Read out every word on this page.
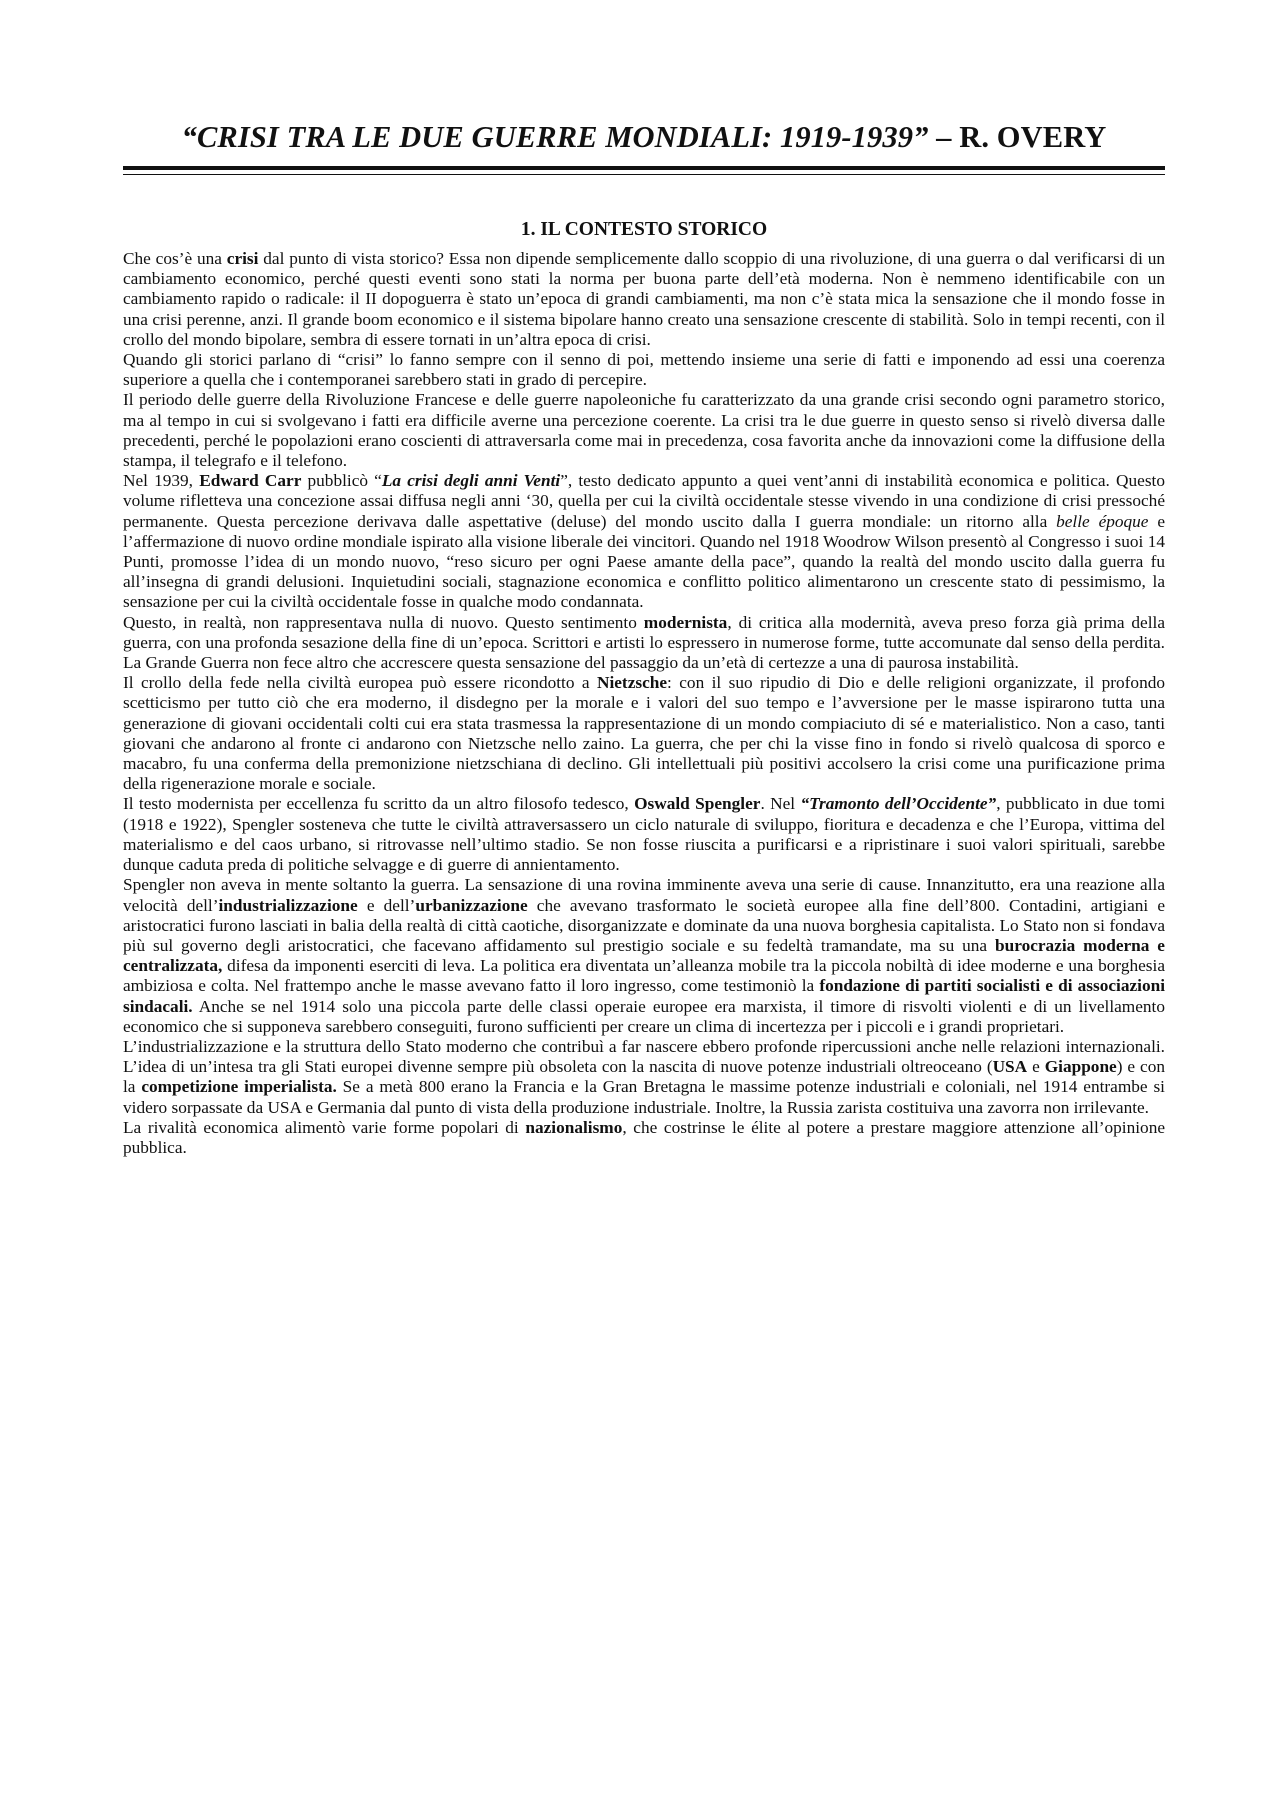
“CRISI TRA LE DUE GUERRE MONDIALI: 1919-1939” – R. OVERY
1. IL CONTESTO STORICO

Che cos’è una crisi dal punto di vista storico? Essa non dipende semplicemente dallo scoppio di una rivoluzione, di una guerra o dal verificarsi di un cambiamento economico, perché questi eventi sono stati la norma per buona parte dell’età moderna. Non è nemmeno identificabile con un cambiamento rapido o radicale: il II dopoguerra è stato un’epoca di grandi cambiamenti, ma non c’è stata mica la sensazione che il mondo fosse in una crisi perenne, anzi. Il grande boom economico e il sistema bipolare hanno creato una sensazione crescente di stabilità. Solo in tempi recenti, con il crollo del mondo bipolare, sembra di essere tornati in un’altra epoca di crisi.

Quando gli storici parlano di “crisi” lo fanno sempre con il senno di poi, mettendo insieme una serie di fatti e imponendo ad essi una coerenza superiore a quella che i contemporanei sarebbero stati in grado di percepire.

Il periodo delle guerre della Rivoluzione Francese e delle guerre napoleoniche fu caratterizzato da una grande crisi secondo ogni parametro storico, ma al tempo in cui si svolgevano i fatti era difficile averne una percezione coerente. La crisi tra le due guerre in questo senso si rivelò diversa dalle precedenti, perché le popolazioni erano coscienti di attraversarla come mai in precedenza, cosa favorita anche da innovazioni come la diffusione della stampa, il telegrafo e il telefono.

Nel 1939, Edward Carr pubblicò “La crisi degli anni Venti”, testo dedicato appunto a quei vent’anni di instabilità economica e politica. Questo volume rifletteva una concezione assai diffusa negli anni ‘30, quella per cui la civiltà occidentale stesse vivendo in una condizione di crisi pressoché permanente. Questa percezione derivava dalle aspettative (deluse) del mondo uscito dalla I guerra mondiale: un ritorno alla belle époque e l’affermazione di nuovo ordine mondiale ispirato alla visione liberale dei vincitori. Quando nel 1918 Woodrow Wilson presentò al Congresso i suoi 14 Punti, promosse l’idea di un mondo nuovo, “reso sicuro per ogni Paese amante della pace”, quando la realtà del mondo uscito dalla guerra fu all’insegna di grandi delusioni. Inquietudini sociali, stagnazione economica e conflitto politico alimentarono un crescente stato di pessimismo, la sensazione per cui la civiltà occidentale fosse in qualche modo condannata.

Questo, in realtà, non rappresentava nulla di nuovo. Questo sentimento modernista, di critica alla modernità, aveva preso forza già prima della guerra, con una profonda sesazione della fine di un’epoca. Scrittori e artisti lo espressero in numerose forme, tutte accomunate dal senso della perdita. La Grande Guerra non fece altro che accrescere questa sensazione del passaggio da un’età di certezze a una di paurosa instabilità.

Il crollo della fede nella civiltà europea può essere ricondotto a Nietzsche: con il suo ripudio di Dio e delle religioni organizzate, il profondo scetticismo per tutto ciò che era moderno, il disdegno per la morale e i valori del suo tempo e l’avversione per le masse ispirarono tutta una generazione di giovani occidentali colti cui era stata trasmessa la rappresentazione di un mondo compiaciuto di sé e materialistico. Non a caso, tanti giovani che andarono al fronte ci andarono con Nietzsche nello zaino. La guerra, che per chi la visse fino in fondo si rivelò qualcosa di sporco e macabro, fu una conferma della premonizione nietzschiana di declino. Gli intellettuali più positivi accolsero la crisi come una purificazione prima della rigenerazione morale e sociale.

Il testo modernista per eccellenza fu scritto da un altro filosofo tedesco, Oswald Spengler. Nel “Tramonto dell’Occidente”, pubblicato in due tomi (1918 e 1922), Spengler sosteneva che tutte le civiltà attraversassero un ciclo naturale di sviluppo, fioritura e decadenza e che l’Europa, vittima del materialismo e del caos urbano, si ritrovasse nell’ultimo stadio. Se non fosse riuscita a purificarsi e a ripristinare i suoi valori spirituali, sarebbe dunque caduta preda di politiche selvagge e di guerre di annientamento.

Spengler non aveva in mente soltanto la guerra. La sensazione di una rovina imminente aveva una serie di cause. Innanzitutto, era una reazione alla velocità dell’industrializzazione e dell’urbanizzazione che avevano trasformato le società europee alla fine dell’800. Contadini, artigiani e aristocratici furono lasciati in balia della realtà di città caotiche, disorganizzate e dominate da una nuova borghesia capitalista. Lo Stato non si fondava più sul governo degli aristocratici, che facevano affidamento sul prestigio sociale e su fedeltà tramandate, ma su una burocrazia moderna e centralizzata, difesa da imponenti eserciti di leva. La politica era diventata un’alleanza mobile tra la piccola nobiltà di idee moderne e una borghesia ambiziosa e colta. Nel frattempo anche le masse avevano fatto il loro ingresso, come testimoniò la fondazione di partiti socialisti e di associazioni sindacali. Anche se nel 1914 solo una piccola parte delle classi operaie europee era marxista, il timore di risvolti violenti e di un livellamento economico che si supponeva sarebbero conseguiti, furono sufficienti per creare un clima di incertezza per i piccoli e i grandi proprietari.

L’industrializzazione e la struttura dello Stato moderno che contribuì a far nascere ebbero profonde ripercussioni anche nelle relazioni internazionali. L’idea di un’intesa tra gli Stati europei divenne sempre più obsoleta con la nascita di nuove potenze industriali oltreoceano (USA e Giappone) e con la competizione imperialista. Se a metà 800 erano la Francia e la Gran Bretagna le massime potenze industriali e coloniali, nel 1914 entrambe si videro sorpassate da USA e Germania dal punto di vista della produzione industriale. Inoltre, la Russia zarista costituiva una zavorra non irrilevante.

La rivalità economica alimentò varie forme popolari di nazionalismo, che costrinse le élite al potere a prestare maggiore attenzione all’opinione pubblica.
